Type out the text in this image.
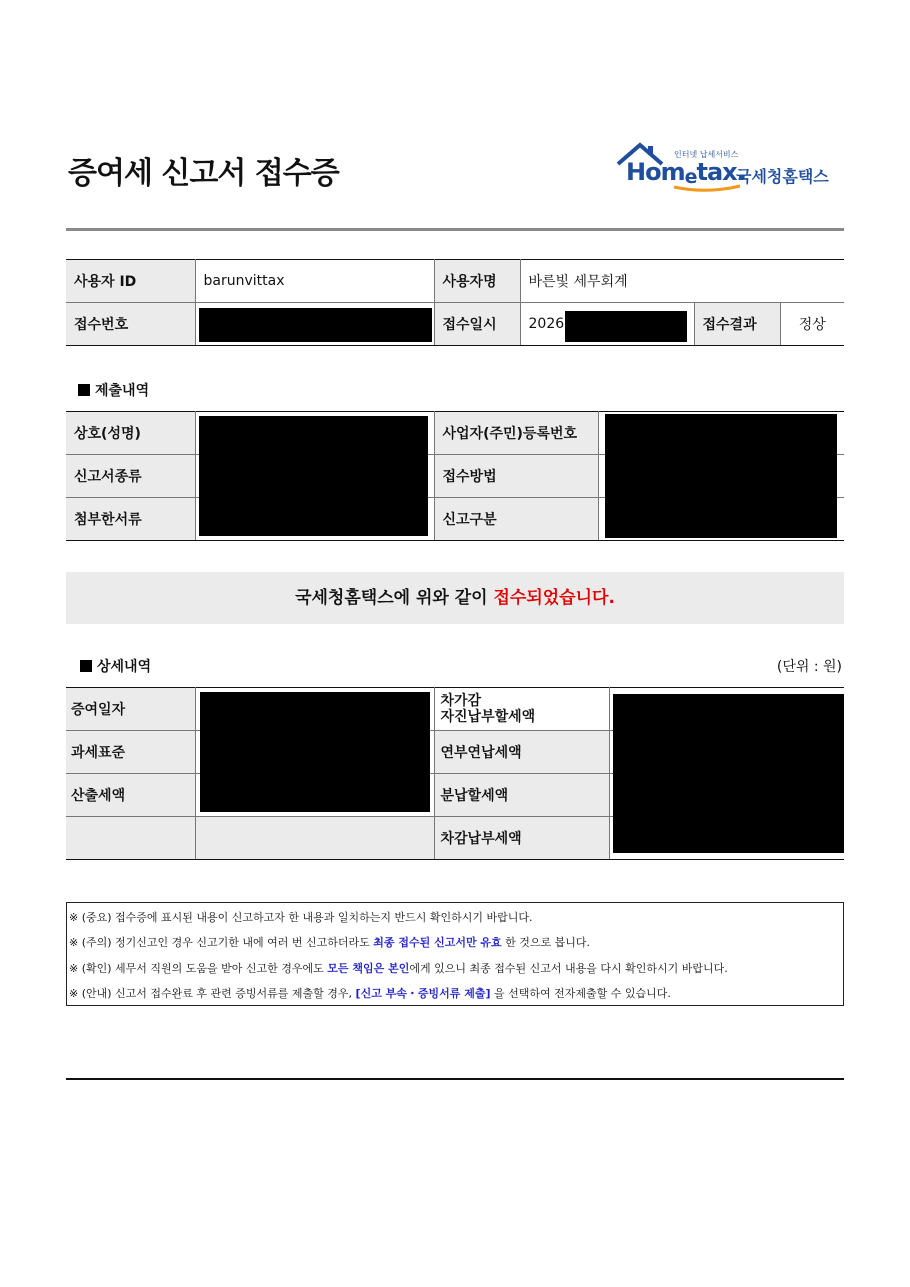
증여세 신고서 접수증
인터넷 납세서비스
Hometax.
국세청홈택스
사용자 ID	barunvittax	사용자명	바른빛 세무회계		
접수번호		접수일시	2026	접수결과	정상
제출내역
상호(성명)		사업자(주민)등록번호	
신고서종류		접수방법	
첨부한서류		신고구분	
국세청홈택스에 위와 같이 접수되었습니다.
상세내역	(단위 : 원)
증여일자		차가감
자진납부할세액	
과세표준		연부연납세액	
산출세액		분납할세액	
		차감납부세액	
※ (중요) 접수증에 표시된 내용이 신고하고자 한 내용과 일치하는지 반드시 확인하시기 바랍니다.
※ (주의) 정기신고인 경우 신고기한 내에 여러 번 신고하더라도 최종 접수된 신고서만 유효 한 것으로 봅니다.
※ (확인) 세무서 직원의 도움을 받아 신고한 경우에도 모든 책임은 본인에게 있으니 최종 접수된 신고서 내용을 다시 확인하시기 바랍니다.
※ (안내) 신고서 접수완료 후 관련 증빙서류를 제출할 경우, [신고 부속・증빙서류 제출] 을 선택하여 전자제출할 수 있습니다.
